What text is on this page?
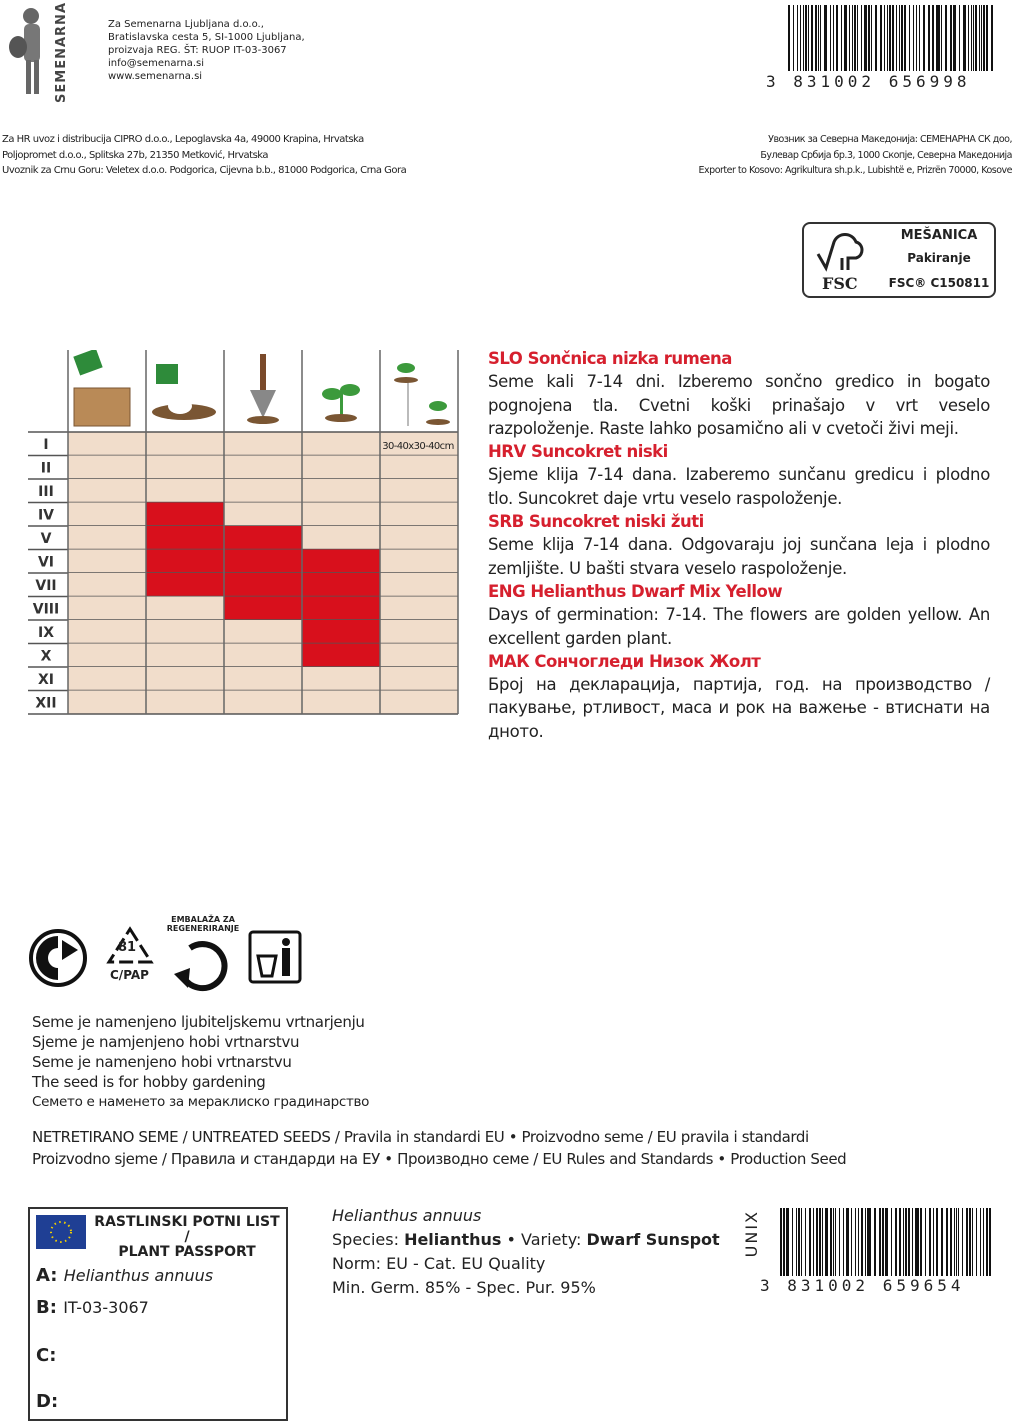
SEMENARNA	Za Semenarna Ljubljana d.o.o.,
Bratislavska cesta 5, SI-1000 Ljubljana,
proizvaja REG. ŠT: RUOP IT-03-3067
info@semenarna.si
www.semenarna.si
Za HR uvoz i distribucija CIPRO d.o.o., Lepoglavska 4a, 49000 Krapina, Hrvatska
Poljopromet d.o.o., Splitska 27b, 21350 Metković, Hrvatska
Uvoznik za Crnu Goru: Veletex d.o.o. Podgorica, Cijevna b.b., 81000 Podgorica, Crna Gora
Увозник за Северна Македонија: СЕМЕНАРНА СК доо,
Булевар Србија бр.3, 1000 Скопје, Северна Македонија
Exporter to Kosovo: Agrikultura sh.p.k., Lubishtë e, Prizrën 70000, Kosove
3 831002 656998
FSC
MEŠANICA
Pakiranje
FSC® C150811
I
II
III
IV
V
VI
VII
VIII
IX
X
XI
XII
30-40x30-40cm
SLO Sončnica nizka rumena

Seme kali 7-14 dni. Izberemo sončno gredico in bogato pognojena tla. Cvetni koški prinašajo v vrt veselo razpoloženje. Raste lahko posamično ali v cvetoči živi meji.

HRV Suncokret niski

Sjeme klija 7-14 dana. Izaberemo sunčanu gredicu i plodno tlo. Suncokret daje vrtu veselo raspoloženje.

SRB Suncokret niski žuti

Seme klija 7-14 dana. Odgovaraju joj sunčana leja i plodno zemljište. U bašti stvara veselo raspoloženje.

ENG Helianthus Dwarf Mix Yellow

Days of germination: 7-14. The flowers are golden yellow. An excellent garden plant.

МАК Сончогледи Низок Жолт

Број на декларација, партија, год. на производство / пакување, ртливост, маса и рок на важење - втиснати на дното.

81
C/PAP
EMBALAŽA ZA REGENERIRANJE
Seme je namenjeno ljubiteljskemu vrtnarjenju
Sjeme je namjenjeno hobi vrtnarstvu
Seme je namenjeno hobi vrtnarstvu
The seed is for hobby gardening
Семето е наменето за мераклиско градинарство
NETRETIRANO SEME / UNTREATED SEEDS / Pravila in standardi EU • Proizvodno seme / EU pravila i standardi
Proizvodno sjeme / Правила и стандарди на ЕУ • Производно семе / EU Rules and Standards • Production Seed
RASTLINSKI POTNI LIST /
PLANT PASSPORT
A: Helianthus annuus
B: IT-03-3067
C:
D:
Helianthus annuus
Species: Helianthus • Variety: Dwarf Sunspot
Norm: EU - Cat. EU Quality
Min. Germ. 85% - Spec. Pur. 95%
UNIX
3 831002 659654
